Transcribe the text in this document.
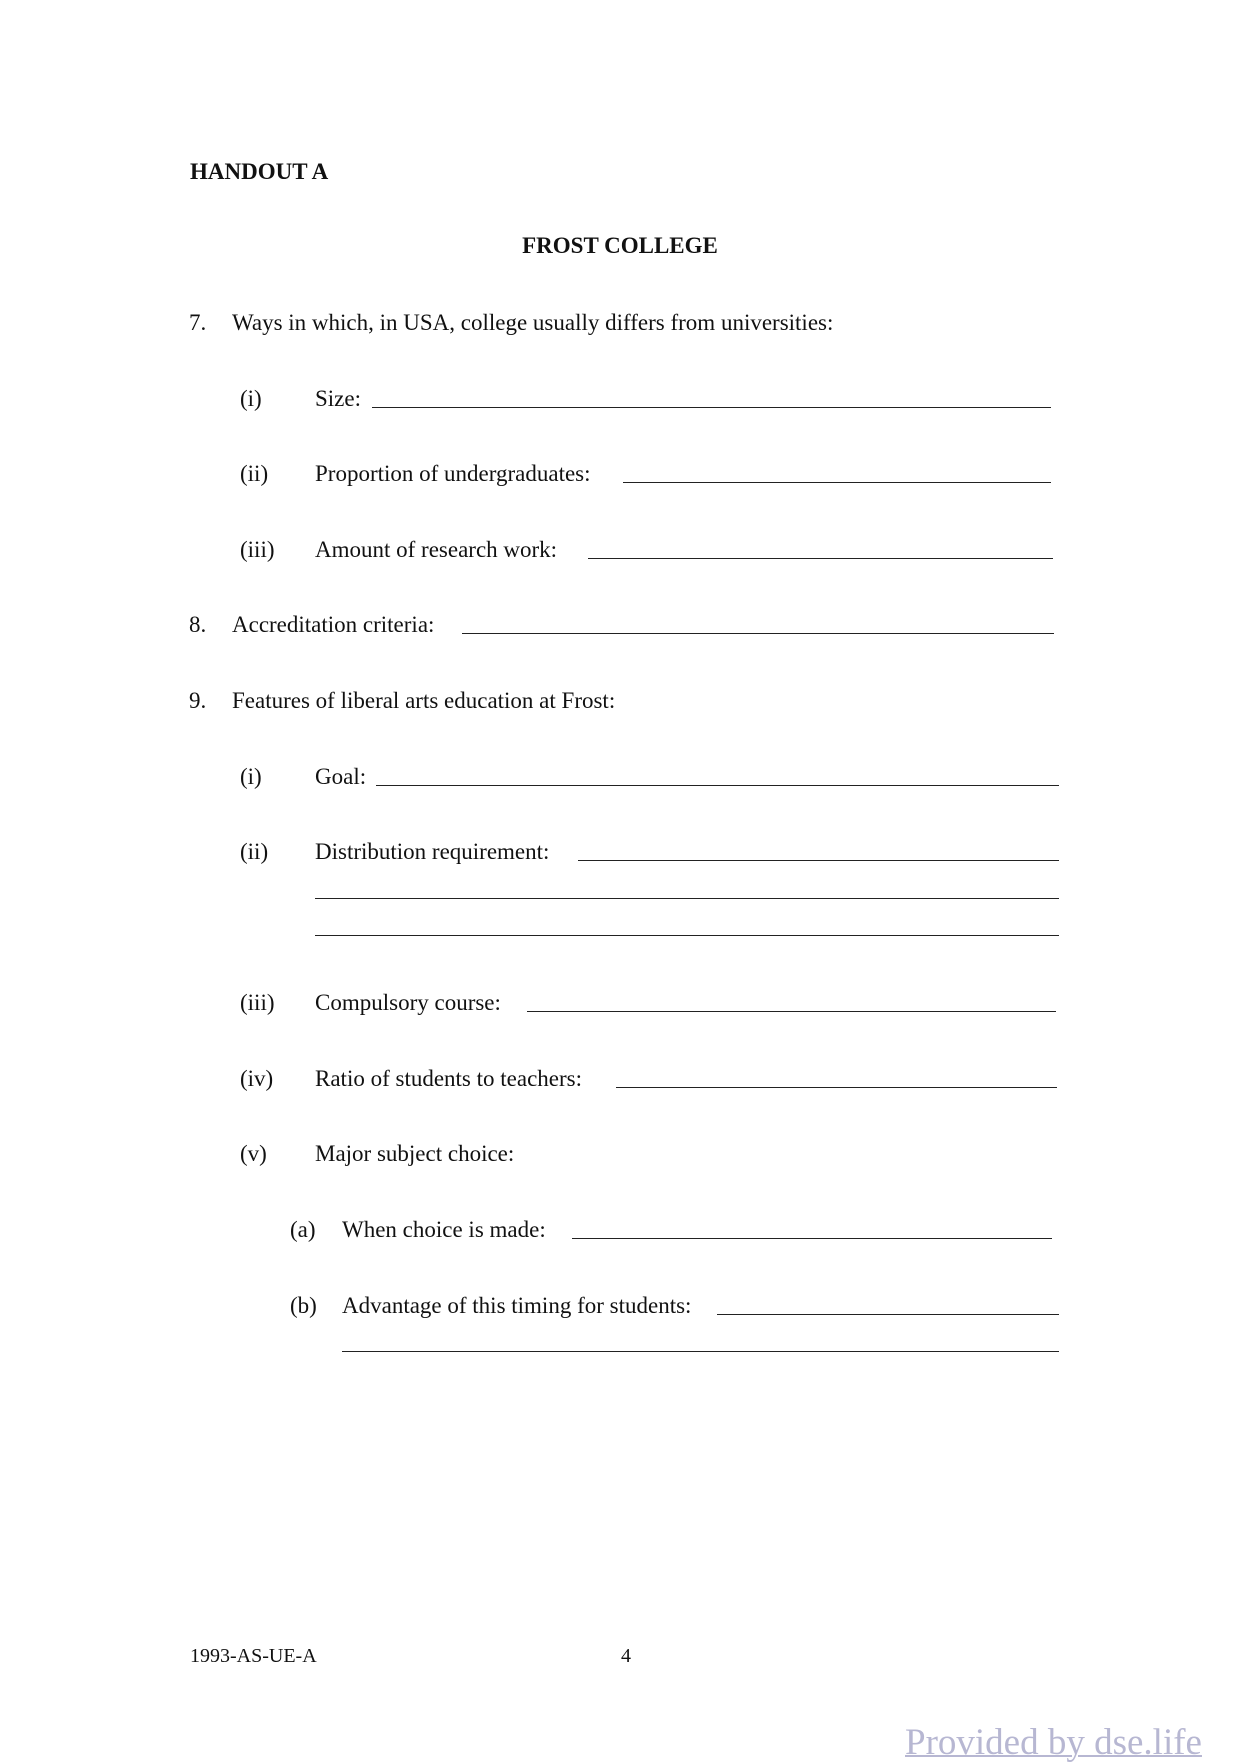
HANDOUT A
FROST COLLEGE
7. Ways in which, in USA, college usually differs from universities:
(i) Size:
(ii) Proportion of undergraduates:
(iii) Amount of research work:
8. Accreditation criteria:
9. Features of liberal arts education at Frost:
(i) Goal:
(ii) Distribution requirement:
(iii) Compulsory course:
(iv) Ratio of students to teachers:
(v) Major subject choice:
(a) When choice is made:
(b) Advantage of this timing for students:
1993-AS-UE-A	4
Provided by dse.life
